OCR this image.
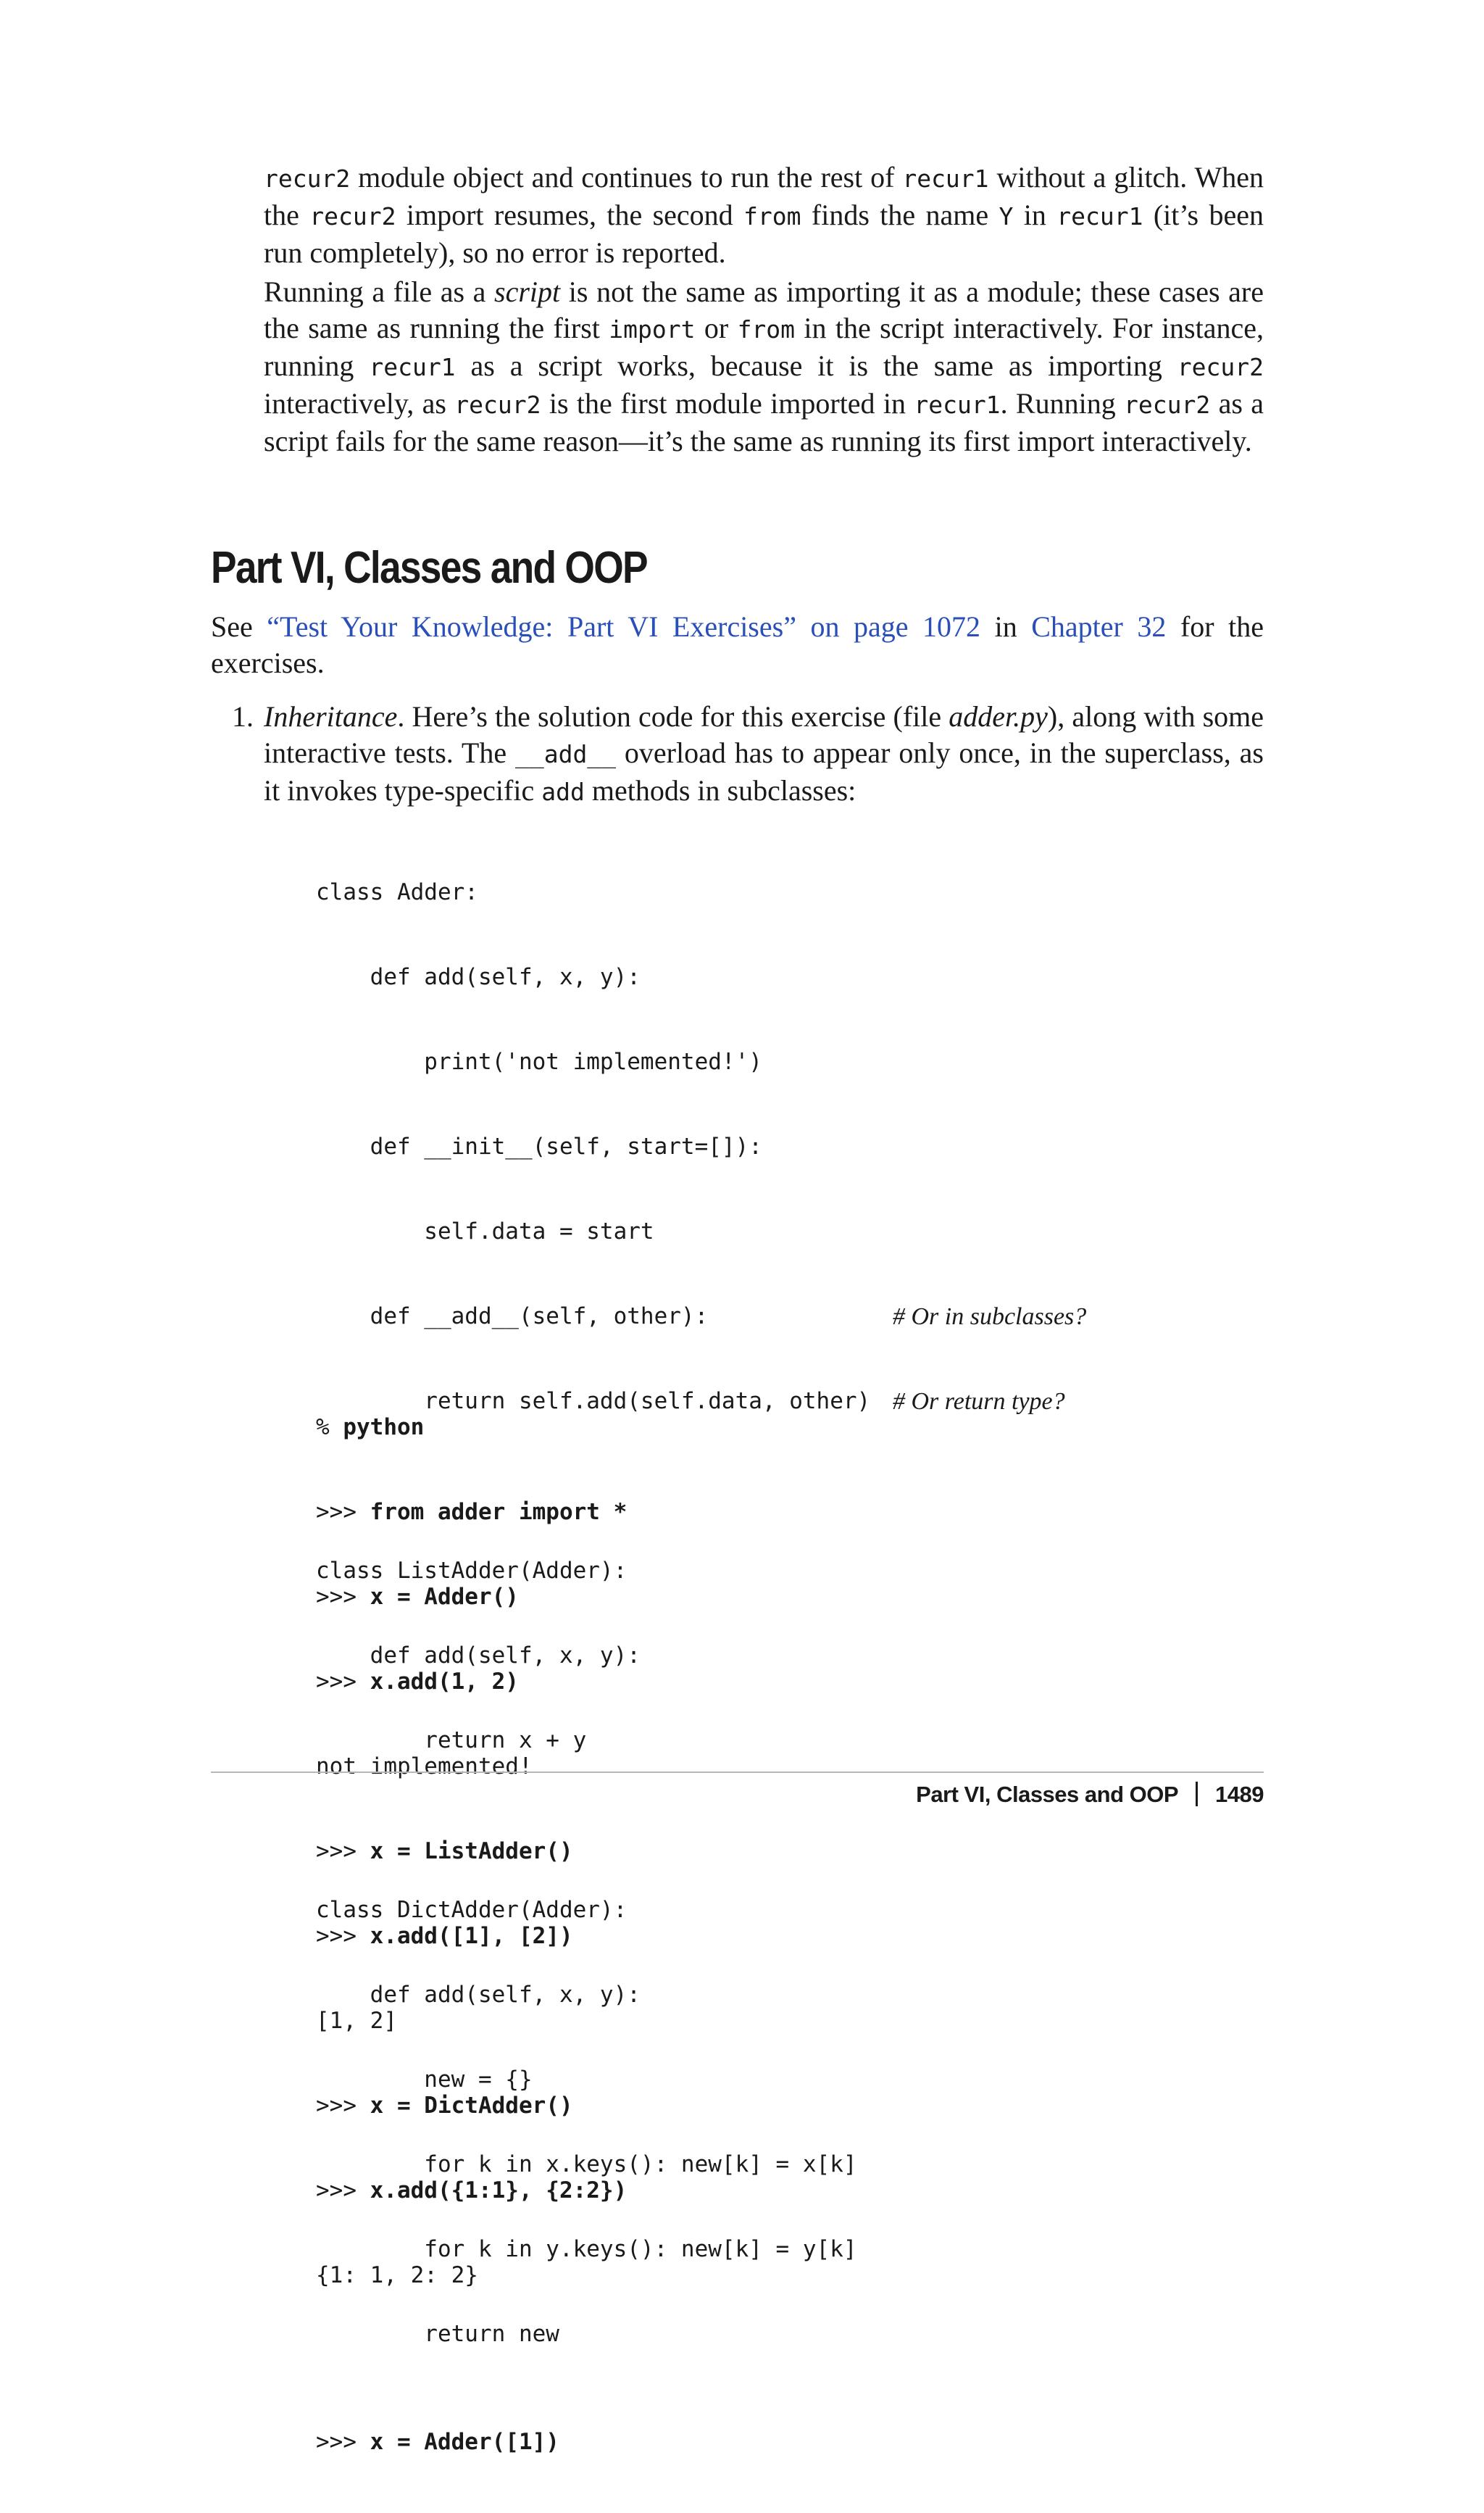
recur2 module object and continues to run the rest of recur1 without a glitch. When the recur2 import resumes, the second from finds the name Y in recur1 (it’s been run completely), so no error is reported.

Running a file as a script is not the same as importing it as a module; these cases are the same as running the first import or from in the script interactively. For instance, running recur1 as a script works, because it is the same as importing recur2 interactively, as recur2 is the first module imported in recur1. Running recur2 as a script fails for the same reason—it’s the same as running its first import interactively.

Part VI, Classes and OOP

See “Test Your Knowledge: Part VI Exercises” on page 1072 in Chapter 32 for the exercises.

1. Inheritance. Here’s the solution code for this exercise (file adder.py), along with some interactive tests. The __add__ overload has to appear only once, in the superclass, as it invokes type-specific add methods in subclasses:

class Adder:

def add(self, x, y):

print('not implemented!')

def __init__(self, start=[]):

self.data = start

def __add__(self, other):	# Or in subclasses?

return self.add(self.data, other) # Or return type?

class ListAdder(Adder):

def add(self, x, y):

return x + y

class DictAdder(Adder):

def add(self, x, y):

new = {}

for k in x.keys(): new[k] = x[k]

for k in y.keys(): new[k] = y[k]

return new

% python

>>> from adder import *

>>> x = Adder()

>>> x.add(1, 2)

not implemented!

>>> x = ListAdder()

>>> x.add([1], [2])

[1, 2]

>>> x = DictAdder()

>>> x.add({1:1}, {2:2})

{1: 1, 2: 2}

>>> x = Adder([1])

Part VI, Classes and OOP 1489
